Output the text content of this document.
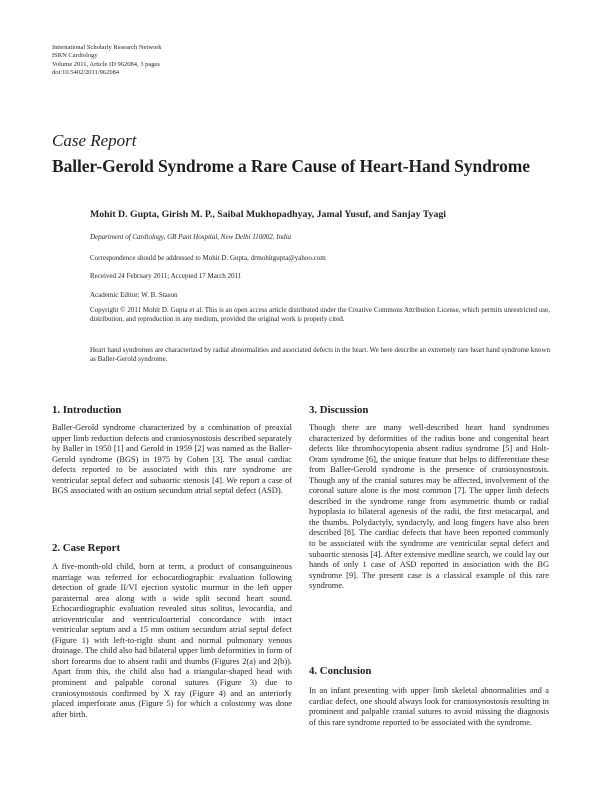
International Scholarly Research Network
ISRN Cardiology
Volume 2011, Article ID 962084, 3 pages
doi:10.5402/2011/962084
Case Report
Baller-Gerold Syndrome a Rare Cause of Heart-Hand Syndrome
Mohit D. Gupta, Girish M. P., Saibal Mukhopadhyay, Jamal Yusuf, and Sanjay Tyagi
Department of Cardiology, GB Pant Hospital, New Delhi 110002, India
Correspondence should be addressed to Mohit D. Gupta, drmohitgupta@yahoo.com
Received 24 February 2011; Accepted 17 March 2011
Academic Editor: W. B. Stason
Copyright © 2011 Mohit D. Gupta et al. This is an open access article distributed under the Creative Commons Attribution License, which permits unrestricted use, distribution, and reproduction in any medium, provided the original work is properly cited.
Heart hand syndromes are characterized by radial abnormalities and associated defects in the heart. We here describe an extremely rare heart hand syndrome known as Baller-Gerold syndrome.
1. Introduction

Baller-Gerold syndrome characterized by a combination of preaxial upper limb reduction defects and craniosynostosis described separately by Baller in 1950 [1] and Gerold in 1959 [2] was named as the Baller-Gerold syndrome (BGS) in 1975 by Cohen [3]. The usual cardiac defects reported to be associated with this rare syndrome are ventricular septal defect and subaortic stenosis [4]. We report a case of BGS associated with an ostium secundum atrial septal defect (ASD).

2. Case Report

A five-month-old child, born at term, a product of consanguineous marriage was referred for echocardiographic evaluation following detection of grade II/VI ejection systolic murmur in the left upper parasternal area along with a wide split second heart sound. Echocardiographic evaluation revealed situs solitus, levocardia, and atrioventricular and ventriculoarterial concordance with intact ventricular septum and a 15 mm ostium secundum atrial septal defect (Figure 1) with left-to-right shunt and normal pulmonary venous drainage. The child also had bilateral upper limb deformities in form of short forearms due to absent radii and thumbs (Figures 2(a) and 2(b)). Apart from this, the child also had a triangular-shaped head with prominent and palpable coronal sutures (Figure 3) due to craniosynostosis confirmed by X ray (Figure 4) and an anteriorly placed imperforate anus (Figure 5) for which a colostomy was done after birth.

3. Discussion

Though there are many well-described heart hand syndromes characterized by deformities of the radius bone and congenital heart defects like thrombocytopenia absent radius syndrome [5] and Holt-Oram syndrome [6], the unique feature that helps to differentiate these from Baller-Gerold syndrome is the presence of craniosynostosis. Though any of the cranial sutures may be affected, involvement of the coronal suture alone is the most common [7]. The upper limb defects described in the syndrome range from asymmetric thumb or radial hypoplasia to bilateral agenesis of the radii, the first metacarpal, and the thumbs. Polydactyly, syndactyly, and long fingers have also been described [8]. The cardiac defects that have been reported commonly to be associated with the syndrome are ventricular septal defect and subaortic stenosis [4]. After extensive medline search, we could lay our hands of only 1 case of ASD reported in association with the BG syndrome [9]. The present case is a classical example of this rare syndrome.

4. Conclusion

In an infant presenting with upper limb skeletal abnormalities and a cardiac defect, one should always look for craniosynostosis resulting in prominent and palpable cranial sutures to avoid missing the diagnosis of this rare syndrome reported to be associated with the syndrome.
